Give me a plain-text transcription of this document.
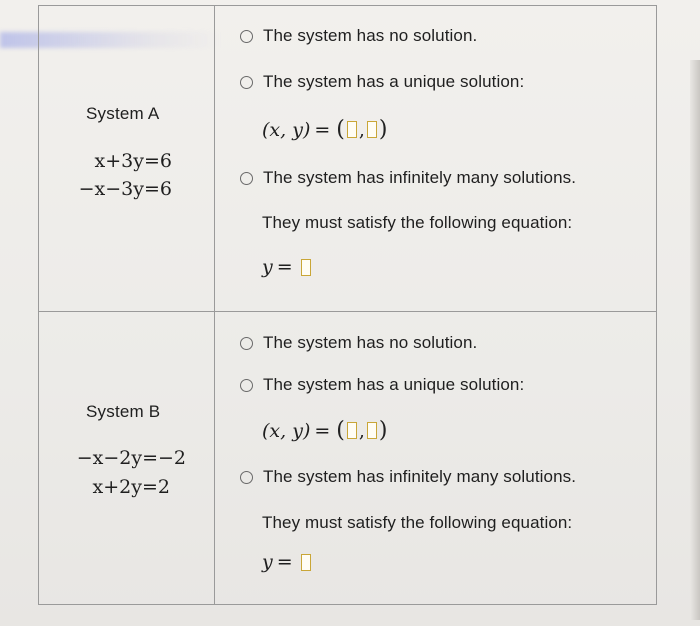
System A
x+3y=6
−x−3y=6
The system has no solution.
The system has a unique solution:
(x, y) = ( , )
The system has infinitely many solutions.
They must satisfy the following equation:
y =
System B
−x−2y=−2
x+2y=2
The system has no solution.
The system has a unique solution:
(x, y) = ( , )
The system has infinitely many solutions.
They must satisfy the following equation:
y =
